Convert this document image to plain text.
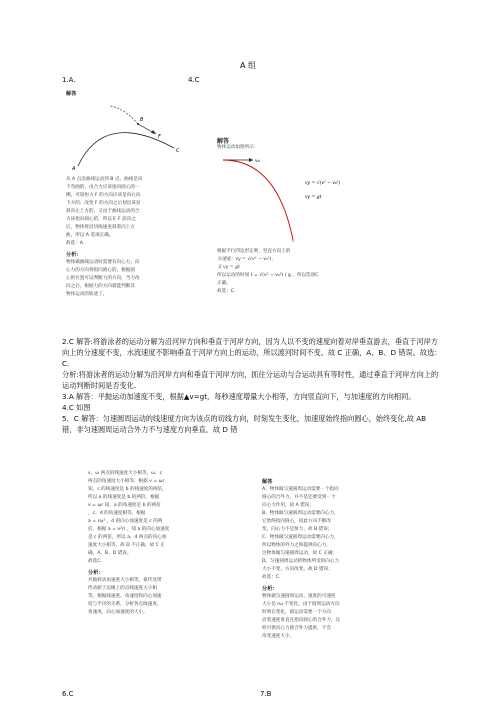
A 组
1.A.	4.C
解答
A
B
C
F
从 A 点沿曲线运动到 B 点，曲线是向
下弯曲的，由合力应该指向圆心的一
侧，可知恒力 F 的方向应该是向右向
下方的；改变 F 的方向之后划出该显
斜向左上方的，又由于曲线运动的合
力该指向圆心的，所以在 F 前向之
后，物体将沿切线速度斜着向上方
曲，所以 A 选项正确。
故选：A.
分析：
物体做曲线运动时需要有向心力，向
心力的方向将指向圆心的，根据圆
心的位置可以判断力的方向，当力改
向之后，根据力的方向就能判断其
物体运动的轨迹了。
解答
物体运动如图所示：
v₀
vy = √(v² − v₀²)
vy = gt
根据平行四边形定则，竖直方向上的
分速度：vy = √(v² − v₀²)，
又 vy = gt
所以运动的时间 t = √(v² − v₀²) / g ，所以选项C
正确。
故选：C.
2.C 解答:将游泳者的运动分解为沿河岸方向和垂直于河岸方向，因为人以不变的速度向着对岸垂直游去，垂直于河岸方向上的分速度不变，水流速度不影响垂直于河岸方向上的运动，所以渡河时间不变。故 C 正确，A、B、D 错误。故选：C.
分析:将游泳者的运动分解为沿河岸方向和垂直于河岸方向，抓住分运动与合运动具有等时性，通过垂直于河岸方向上的运动判断时间是否变化.
3.A 解答：平抛运动加速度不变，根据▲v=gt，每秒速度增量大小相等，方向竖直向下，与加速度的方向相同。
4.C 如图
5．C 解答：匀速圆周运动的线速度方向为该点的切线方向，时刻发生变化，加速度始终指向圆心，始终变化,故 AB 错，非匀速圆周运动合外力不与速度方向垂直，故 D 错
v、ω 两点的线速度大小相等，ω、c
两点的角速度大小相等，根据 v = ωr
知，c 的线速度是 b 的线速度的两倍，
所以 a 的线速度是 b 的两倍，根据
v = ωr 知，a 的角速度是 b 的两倍
，c、d 的角速度相等，根据
a = rω² ，d 的向心加速度是 c 的两
倍，根据 a = v²/r ，知 a 的向心加速度
是 c 的两倍，所以 a、d 两点的向心加
速度大小相等，故 D 不正确，故 C 正
确，A、B、D 错误。
故选C.
分析：
共轴转动角速度大小相等，靠传送带
传动轮子边缘上的点线速度大小相
等，根据线速度、角速度和向心加速
度与半径的关系，分析各点线速度、
角速度、向心加速度的大小。
解答
A、物体做匀速圆周运动需要一个指向
圆心的合外力，并不是还要受到一个
向心力作用，故 A 错误；
B、物体做匀速圆周运动需要向心力，
它始终指向圆心，因此方向不断改
变，向心力不是恒力，故 B 错误；
C、物体做匀速圆周运动需要向心力，
所以物体的外力之和提供向心力，
这物体做匀速圆周运动，故 C 正确；
D、匀速圆周运动的物体所受的向心力
大小不变，方向改变，故 D 错误；
故选：C.
分析：
物体做匀速圆周运动，速度的可速度
大小是 rω 不变化，由于圆周运动方向
时刻在变化，圆运动需要一个方向
沿着速度垂直且指向圆心的合外力，这
样可供向心力使合外力提供，不会
改变速度大小。
6.C	7.B
